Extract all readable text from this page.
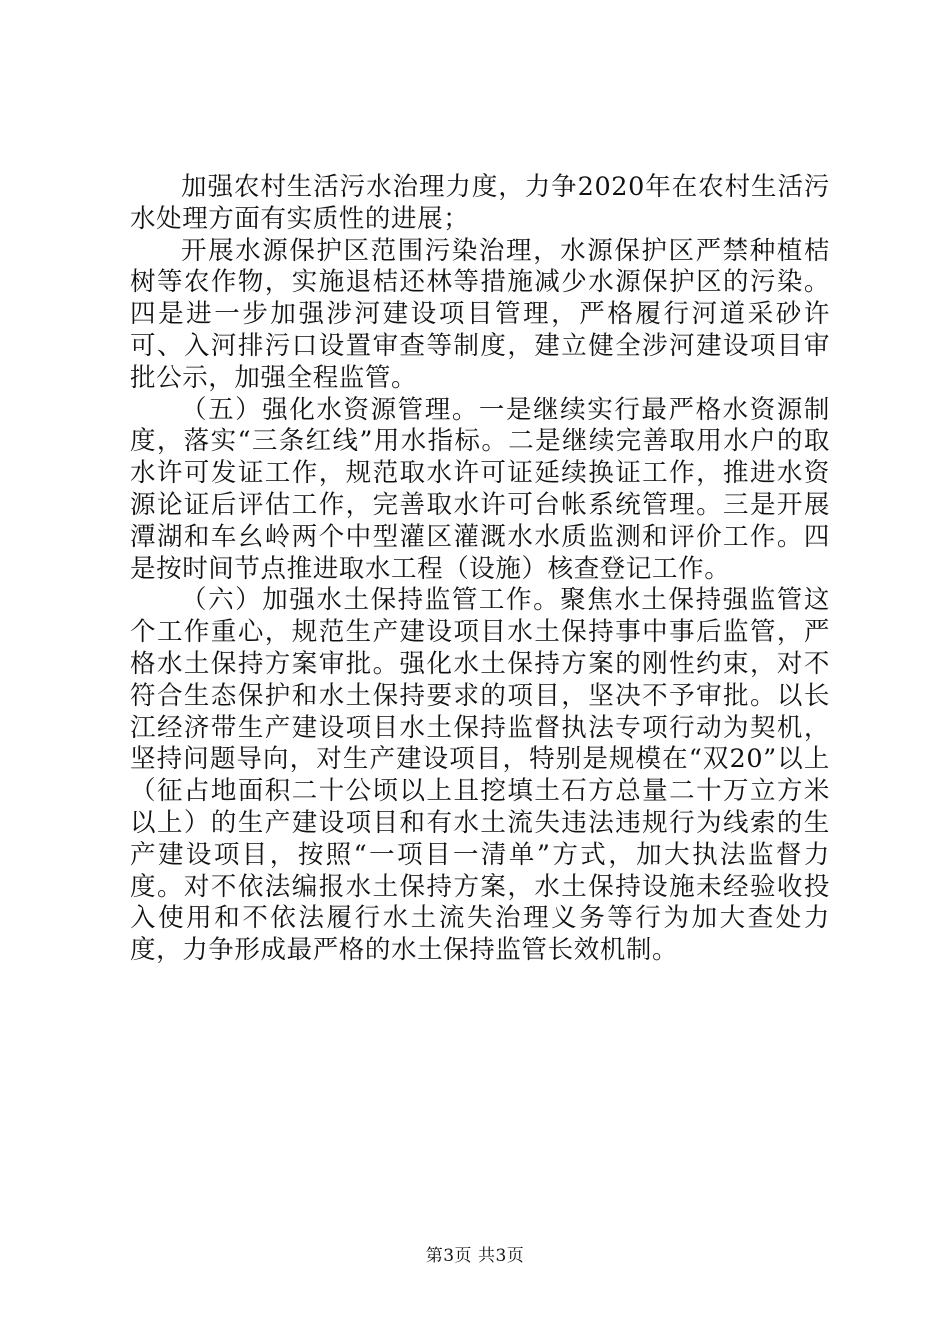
加强农村生活污水治理力度，力争2020年在农村生活污水处理方面有实质性的进展；

开展水源保护区范围污染治理，水源保护区严禁种植桔树等农作物，实施退桔还林等措施减少水源保护区的污染。四是进一步加强涉河建设项目管理，严格履行河道采砂许可、入河排污口设置审查等制度，建立健全涉河建设项目审批公示，加强全程监管。

（五）强化水资源管理。一是继续实行最严格水资源制度，落实“三条红线”用水指标。二是继续完善取用水户的取水许可发证工作，规范取水许可证延续换证工作，推进水资源论证后评估工作，完善取水许可台帐系统管理。三是开展潭湖和车幺岭两个中型灌区灌溉水水质监测和评价工作。四是按时间节点推进取水工程（设施）核查登记工作。

（六）加强水土保持监管工作。聚焦水土保持强监管这个工作重心，规范生产建设项目水土保持事中事后监管，严格水土保持方案审批。强化水土保持方案的刚性约束，对不符合生态保护和水土保持要求的项目，坚决不予审批。以长江经济带生产建设项目水土保持监督执法专项行动为契机，坚持问题导向，对生产建设项目，特别是规模在“双20”以上（征占地面积二十公顷以上且挖填土石方总量二十万立方米以上）的生产建设项目和有水土流失违法违规行为线索的生产建设项目，按照“一项目一清单”方式，加大执法监督力度。对不依法编报水土保持方案，水土保持设施未经验收投入使用和不依法履行水土流失治理义务等行为加大查处力度，力争形成最严格的水土保持监管长效机制。

第3页 共3页
